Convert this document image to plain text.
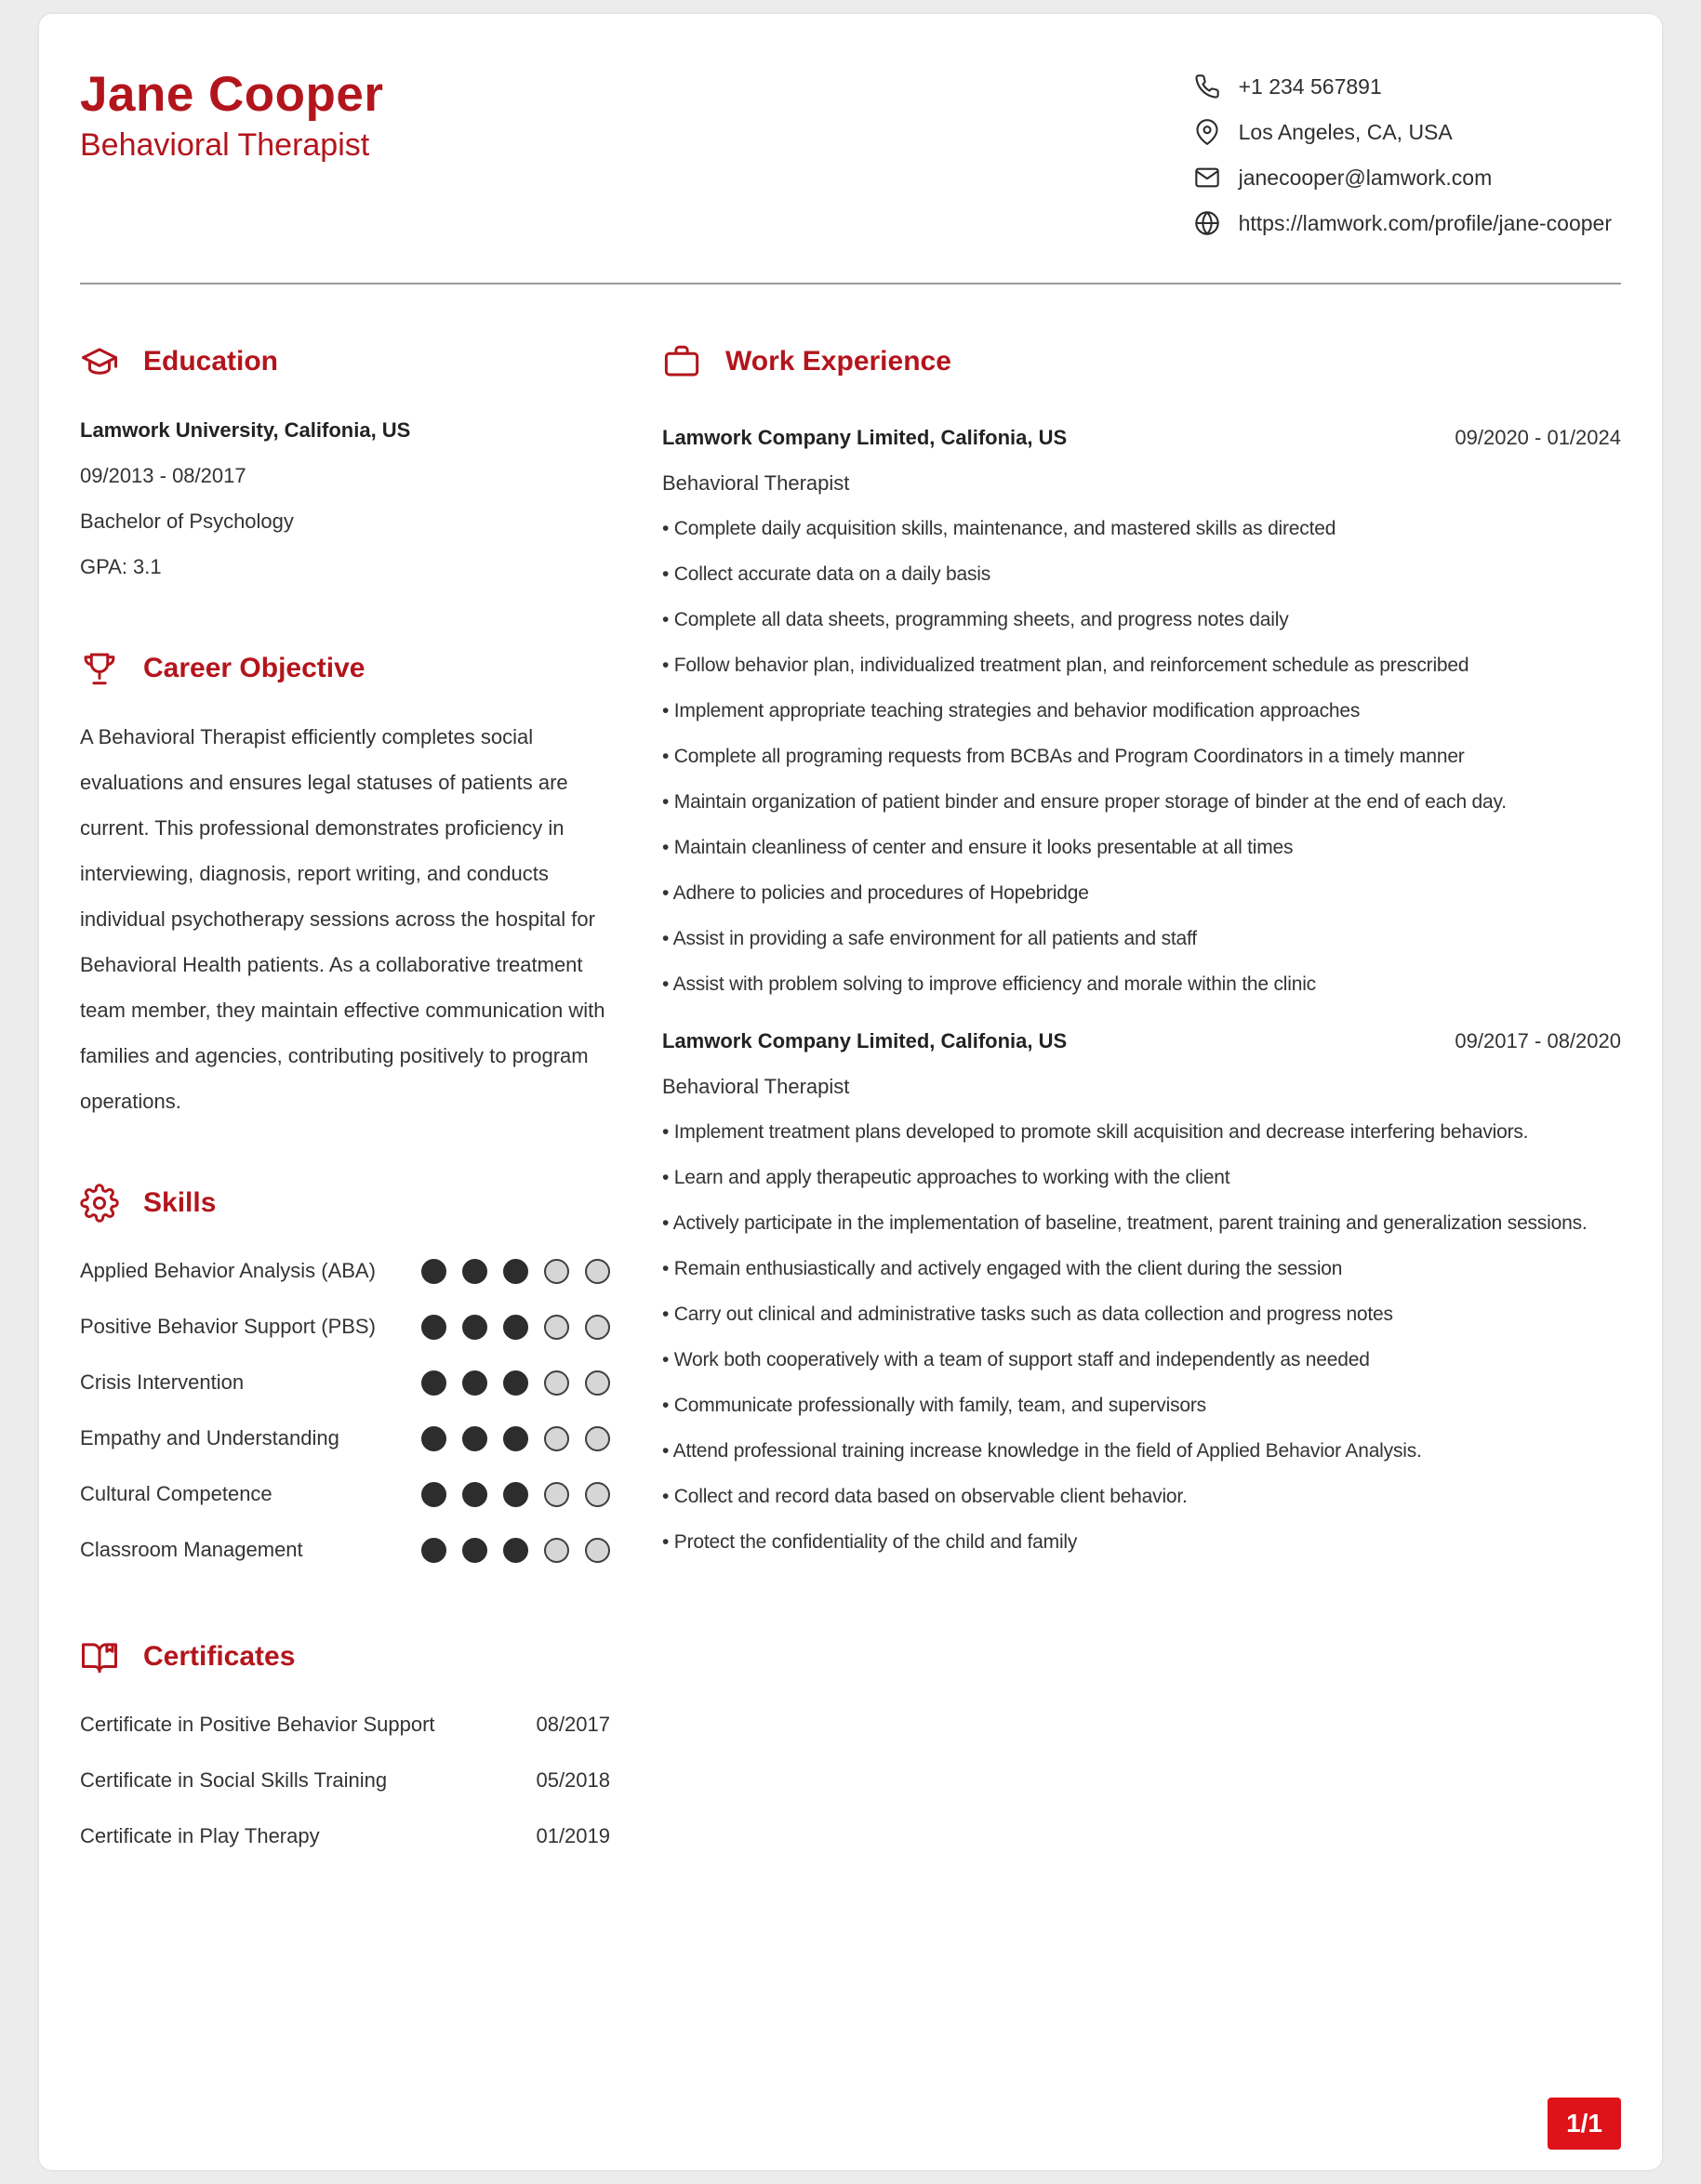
Jane Cooper
Behavioral Therapist
+1 234 567891
Los Angeles, CA, USA
janecooper@lamwork.com
https://lamwork.com/profile/jane-cooper
Education
Lamwork University, Califonia, US
09/2013 - 08/2017
Bachelor of Psychology
GPA: 3.1
Career Objective

A Behavioral Therapist efficiently completes social evaluations and ensures legal statuses of patients are current. This professional demonstrates proficiency in interviewing, diagnosis, report writing, and conducts individual psychotherapy sessions across the hospital for Behavioral Health patients. As a collaborative treatment team member, they maintain effective communication with families and agencies, contributing positively to program operations.

Skills
Applied Behavior Analysis (ABA)
Positive Behavior Support (PBS)
Crisis Intervention
Empathy and Understanding
Cultural Competence
Classroom Management
Certificates
Certificate in Positive Behavior Support	08/2017
Certificate in Social Skills Training	05/2018
Certificate in Play Therapy	01/2019
Work Experience
Lamwork Company Limited, Califonia, US	09/2020 - 01/2024
Behavioral Therapist
• Complete daily acquisition skills, maintenance, and mastered skills as directed
• Collect accurate data on a daily basis
• Complete all data sheets, programming sheets, and progress notes daily
• Follow behavior plan, individualized treatment plan, and reinforcement schedule as prescribed
• Implement appropriate teaching strategies and behavior modification approaches
• Complete all programing requests from BCBAs and Program Coordinators in a timely manner
• Maintain organization of patient binder and ensure proper storage of binder at the end of each day.
• Maintain cleanliness of center and ensure it looks presentable at all times
• Adhere to policies and procedures of Hopebridge
• Assist in providing a safe environment for all patients and staff
• Assist with problem solving to improve efficiency and morale within the clinic
Lamwork Company Limited, Califonia, US	09/2017 - 08/2020
Behavioral Therapist
• Implement treatment plans developed to promote skill acquisition and decrease interfering behaviors.
• Learn and apply therapeutic approaches to working with the client
• Actively participate in the implementation of baseline, treatment, parent training and generalization sessions.
• Remain enthusiastically and actively engaged with the client during the session
• Carry out clinical and administrative tasks such as data collection and progress notes
• Work both cooperatively with a team of support staff and independently as needed
• Communicate professionally with family, team, and supervisors
• Attend professional training increase knowledge in the field of Applied Behavior Analysis.
• Collect and record data based on observable client behavior.
• Protect the confidentiality of the child and family
1/1
